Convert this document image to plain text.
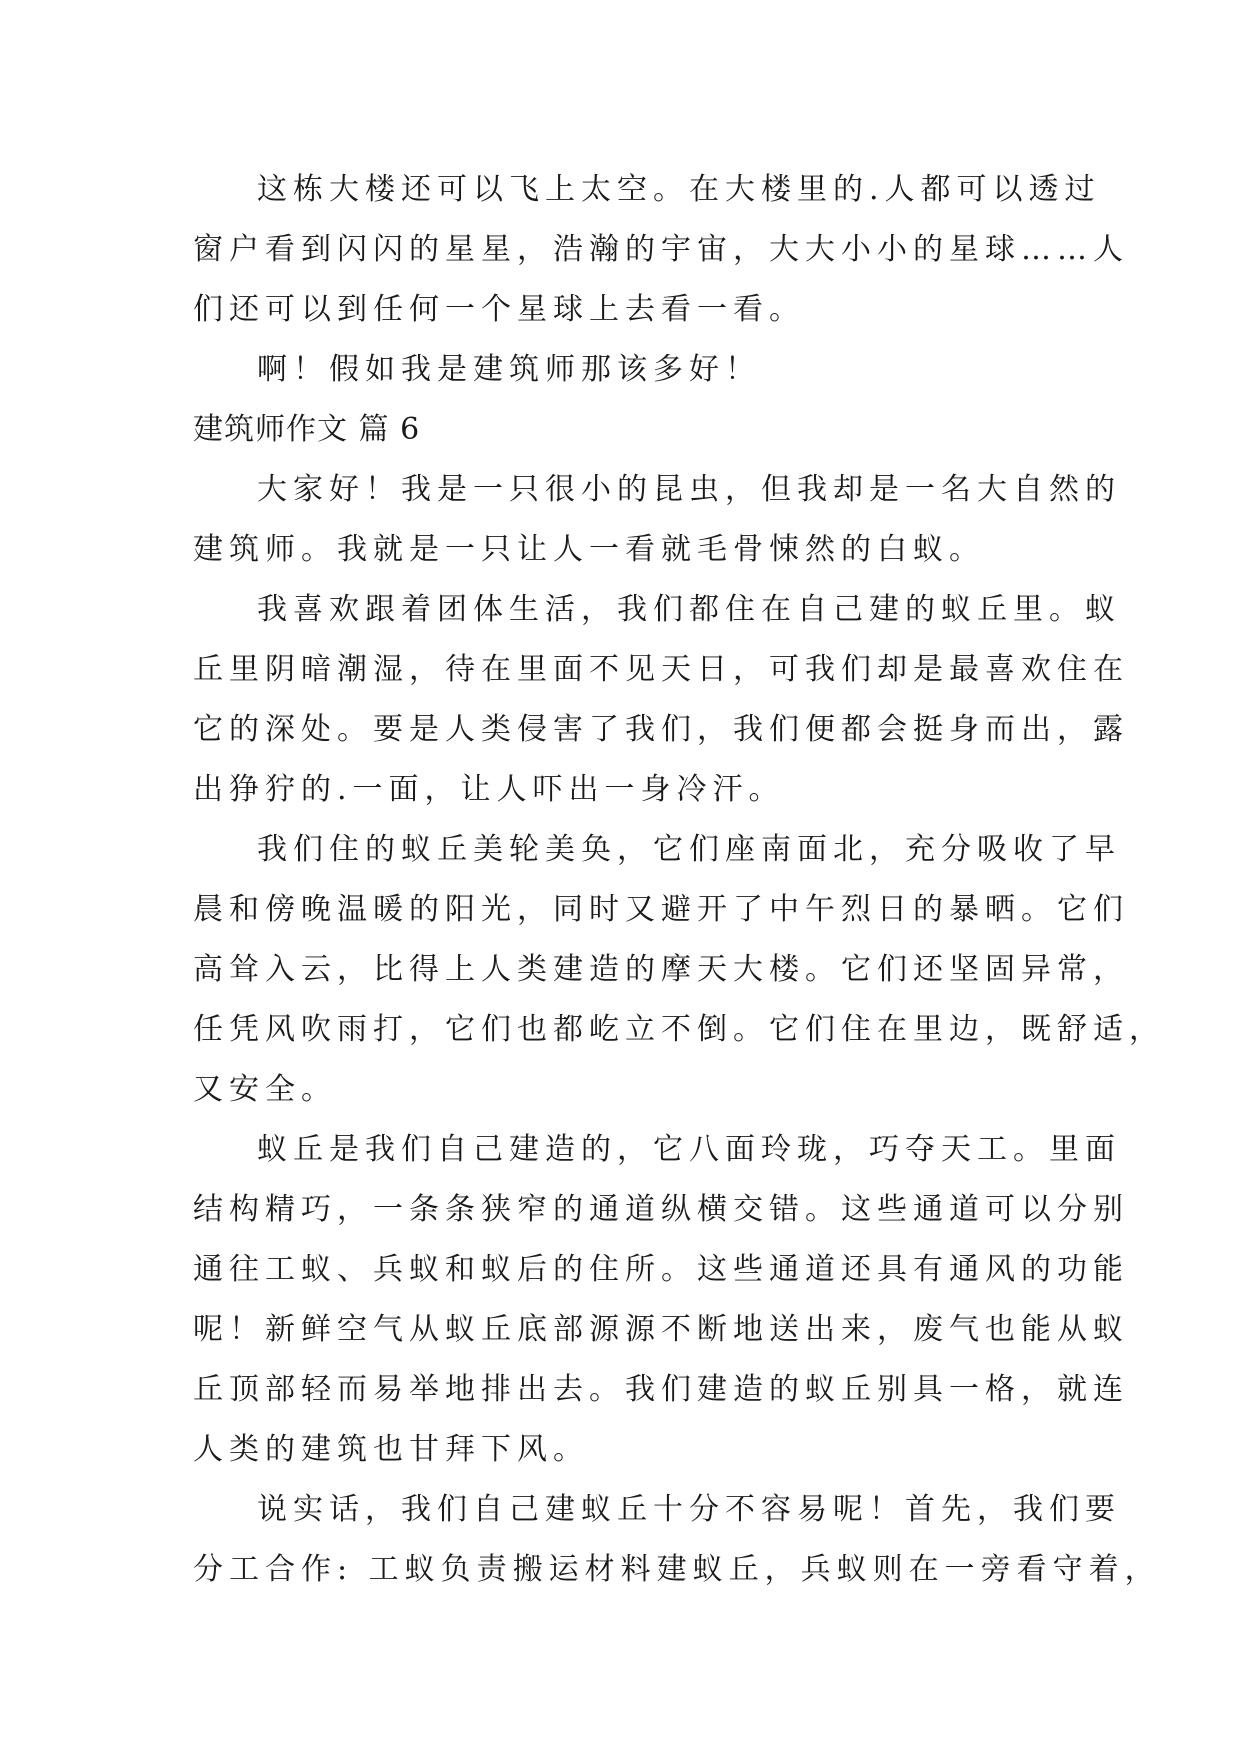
这栋大楼还可以飞上太空。在大楼里的.人都可以透过
窗户看到闪闪的星星，浩瀚的宇宙，大大小小的星球……人
们还可以到任何一个星球上去看一看。
啊！假如我是建筑师那该多好！
建筑师作文 篇 6
大家好！我是一只很小的昆虫，但我却是一名大自然的
建筑师。我就是一只让人一看就毛骨悚然的白蚁。
我喜欢跟着团体生活，我们都住在自己建的蚁丘里。蚁
丘里阴暗潮湿，待在里面不见天日，可我们却是最喜欢住在
它的深处。要是人类侵害了我们，我们便都会挺身而出，露
出狰狞的.一面，让人吓出一身冷汗。
我们住的蚁丘美轮美奂，它们座南面北，充分吸收了早
晨和傍晚温暖的阳光，同时又避开了中午烈日的暴晒。它们
高耸入云，比得上人类建造的摩天大楼。它们还坚固异常，
任凭风吹雨打，它们也都屹立不倒。它们住在里边，既舒适，
又安全。
蚁丘是我们自己建造的，它八面玲珑，巧夺天工。里面
结构精巧，一条条狭窄的通道纵横交错。这些通道可以分别
通往工蚁、兵蚁和蚁后的住所。这些通道还具有通风的功能
呢！新鲜空气从蚁丘底部源源不断地送出来，废气也能从蚁
丘顶部轻而易举地排出去。我们建造的蚁丘别具一格，就连
人类的建筑也甘拜下风。
说实话，我们自己建蚁丘十分不容易呢！首先，我们要
分工合作: 工蚁负责搬运材料建蚁丘，兵蚁则在一旁看守着，
